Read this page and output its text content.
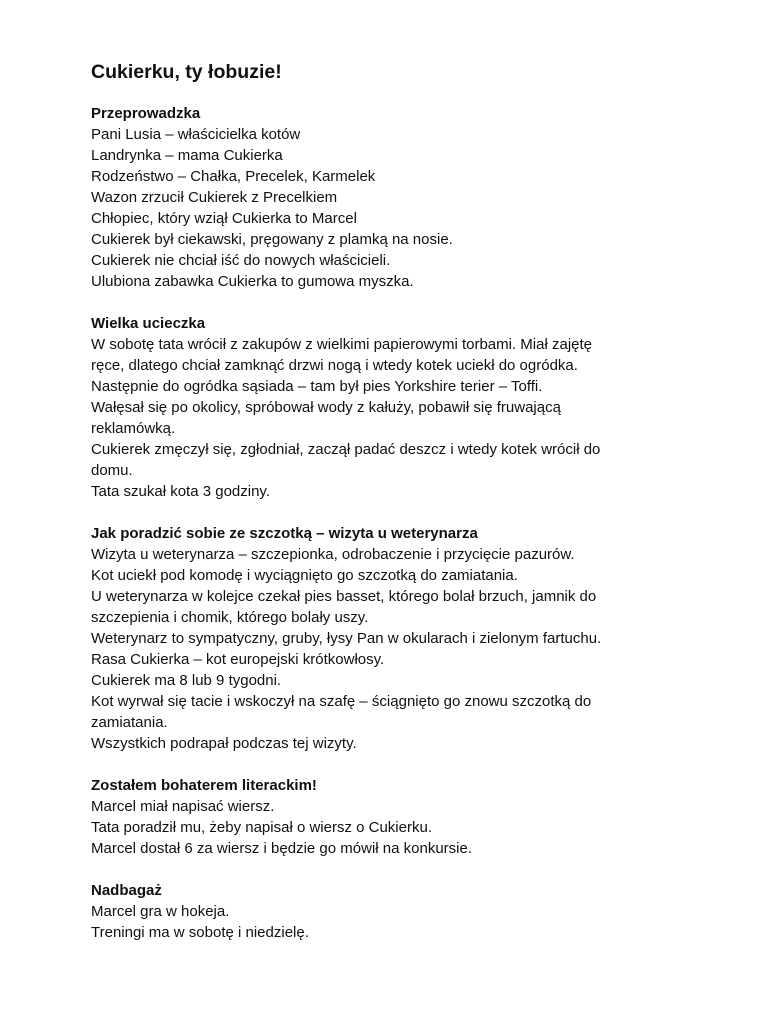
Cukierku, ty łobuzie!

Przeprowadzka

Pani Lusia – właścicielka kotów

Landrynka – mama Cukierka

Rodzeństwo – Chałka, Precelek, Karmelek

Wazon zrzucił Cukierek z Precelkiem

Chłopiec, który wziął Cukierka to Marcel

Cukierek był ciekawski, pręgowany z plamką na nosie.

Cukierek nie chciał iść do nowych właścicieli.

Ulubiona zabawka Cukierka to gumowa myszka.

Wielka ucieczka

W sobotę tata wrócił z zakupów z wielkimi papierowymi torbami. Miał zajętę

ręce, dlatego chciał zamknąć drzwi nogą i wtedy kotek uciekł do ogródka.

Następnie do ogródka sąsiada – tam był pies Yorkshire terier – Toffi.

Wałęsał się po okolicy, spróbował wody z kałuży, pobawił się fruwającą

reklamówką.

Cukierek zmęczył się, zgłodniał, zaczął padać deszcz i wtedy kotek wrócił do

domu.

Tata szukał kota 3 godziny.

Jak poradzić sobie ze szczotką – wizyta u weterynarza

Wizyta u weterynarza – szczepionka, odrobaczenie i przycięcie pazurów.

Kot uciekł pod komodę i wyciągnięto go szczotką do zamiatania.

U weterynarza w kolejce czekał pies basset, którego bolał brzuch, jamnik do

szczepienia i chomik, którego bolały uszy.

Weterynarz to sympatyczny, gruby, łysy Pan w okularach i zielonym fartuchu.

Rasa Cukierka – kot europejski krótkowłosy.

Cukierek ma 8 lub 9 tygodni.

Kot wyrwał się tacie i wskoczył na szafę – ściągnięto go znowu szczotką do

zamiatania.

Wszystkich podrapał podczas tej wizyty.

Zostałem bohaterem literackim!

Marcel miał napisać wiersz.

Tata poradził mu, żeby napisał o wiersz o Cukierku.

Marcel dostał 6 za wiersz i będzie go mówił na konkursie.

Nadbagaż

Marcel gra w hokeja.

Treningi ma w sobotę i niedzielę.
